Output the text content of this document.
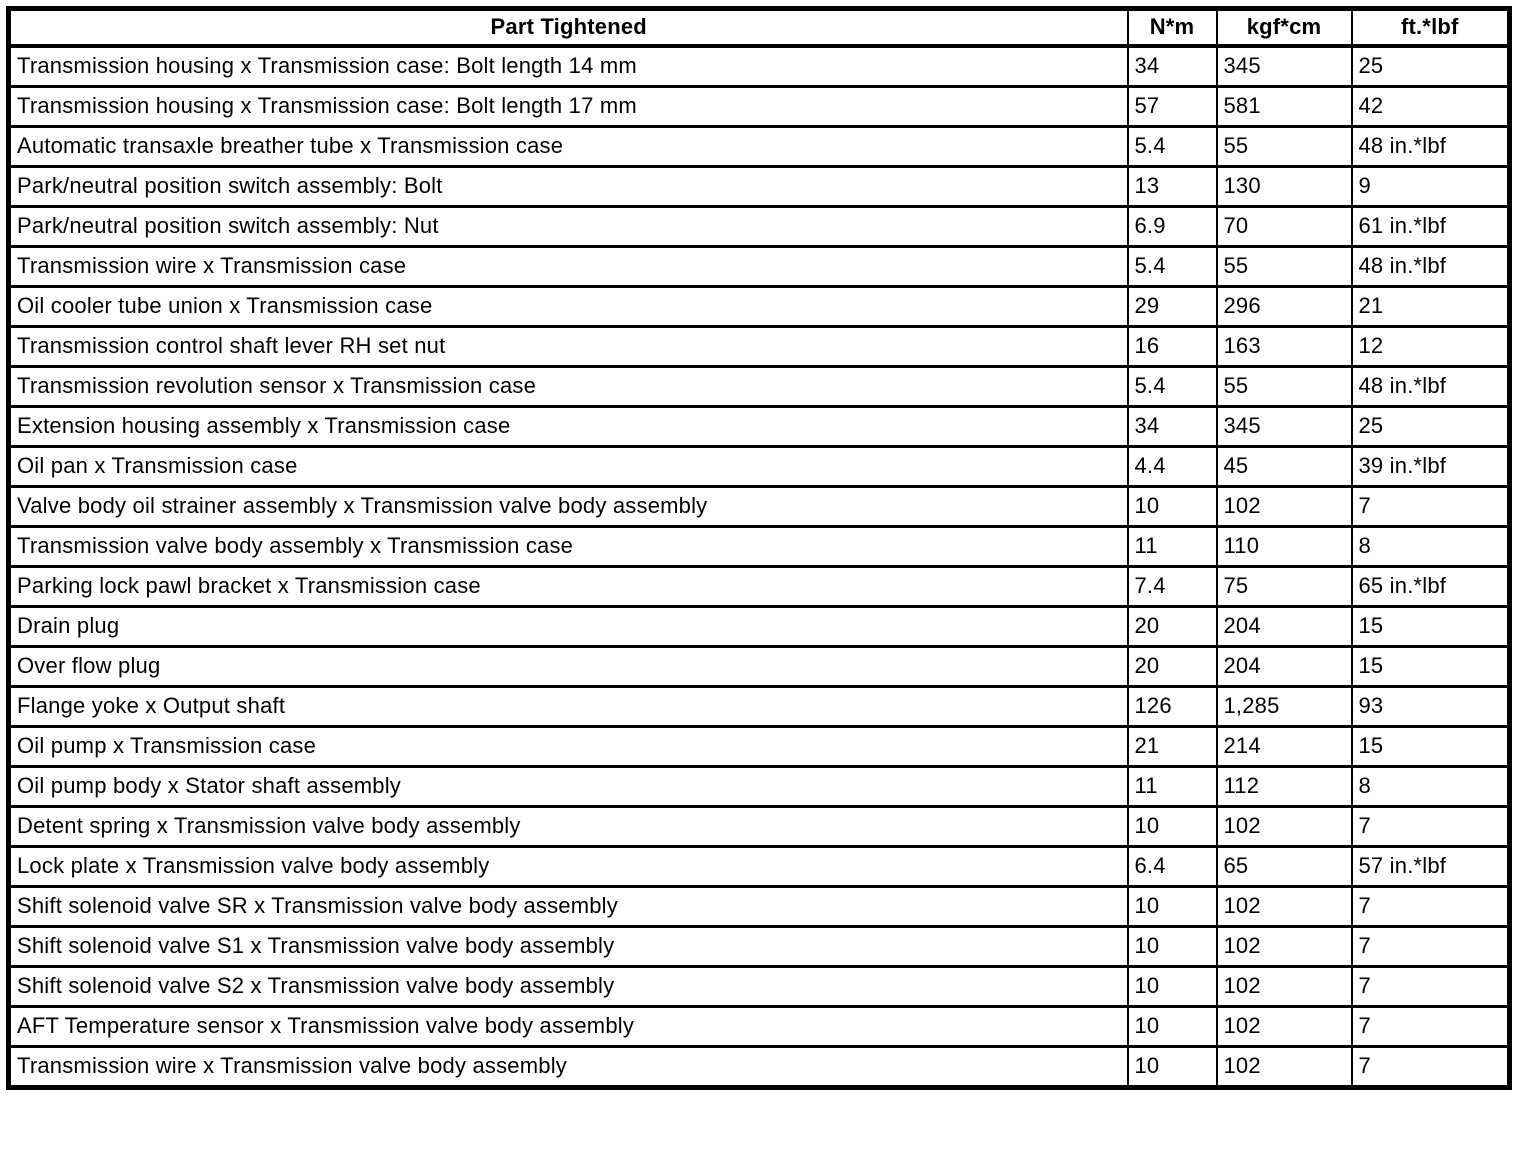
Part Tightened	N*m	kgf*cm	ft.*lbf
Transmission housing x Transmission case: Bolt length 14 mm	34	345	25
Transmission housing x Transmission case: Bolt length 17 mm	57	581	42
Automatic transaxle breather tube x Transmission case	5.4	55	48 in.*lbf
Park/neutral position switch assembly: Bolt	13	130	9
Park/neutral position switch assembly: Nut	6.9	70	61 in.*lbf
Transmission wire x Transmission case	5.4	55	48 in.*lbf
Oil cooler tube union x Transmission case	29	296	21
Transmission control shaft lever RH set nut	16	163	12
Transmission revolution sensor x Transmission case	5.4	55	48 in.*lbf
Extension housing assembly x Transmission case	34	345	25
Oil pan x Transmission case	4.4	45	39 in.*lbf
Valve body oil strainer assembly x Transmission valve body assembly	10	102	7
Transmission valve body assembly x Transmission case	11	110	8
Parking lock pawl bracket x Transmission case	7.4	75	65 in.*lbf
Drain plug	20	204	15
Over flow plug	20	204	15
Flange yoke x Output shaft	126	1,285	93
Oil pump x Transmission case	21	214	15
Oil pump body x Stator shaft assembly	11	112	8
Detent spring x Transmission valve body assembly	10	102	7
Lock plate x Transmission valve body assembly	6.4	65	57 in.*lbf
Shift solenoid valve SR x Transmission valve body assembly	10	102	7
Shift solenoid valve S1 x Transmission valve body assembly	10	102	7
Shift solenoid valve S2 x Transmission valve body assembly	10	102	7
AFT Temperature sensor x Transmission valve body assembly	10	102	7
Transmission wire x Transmission valve body assembly	10	102	7
